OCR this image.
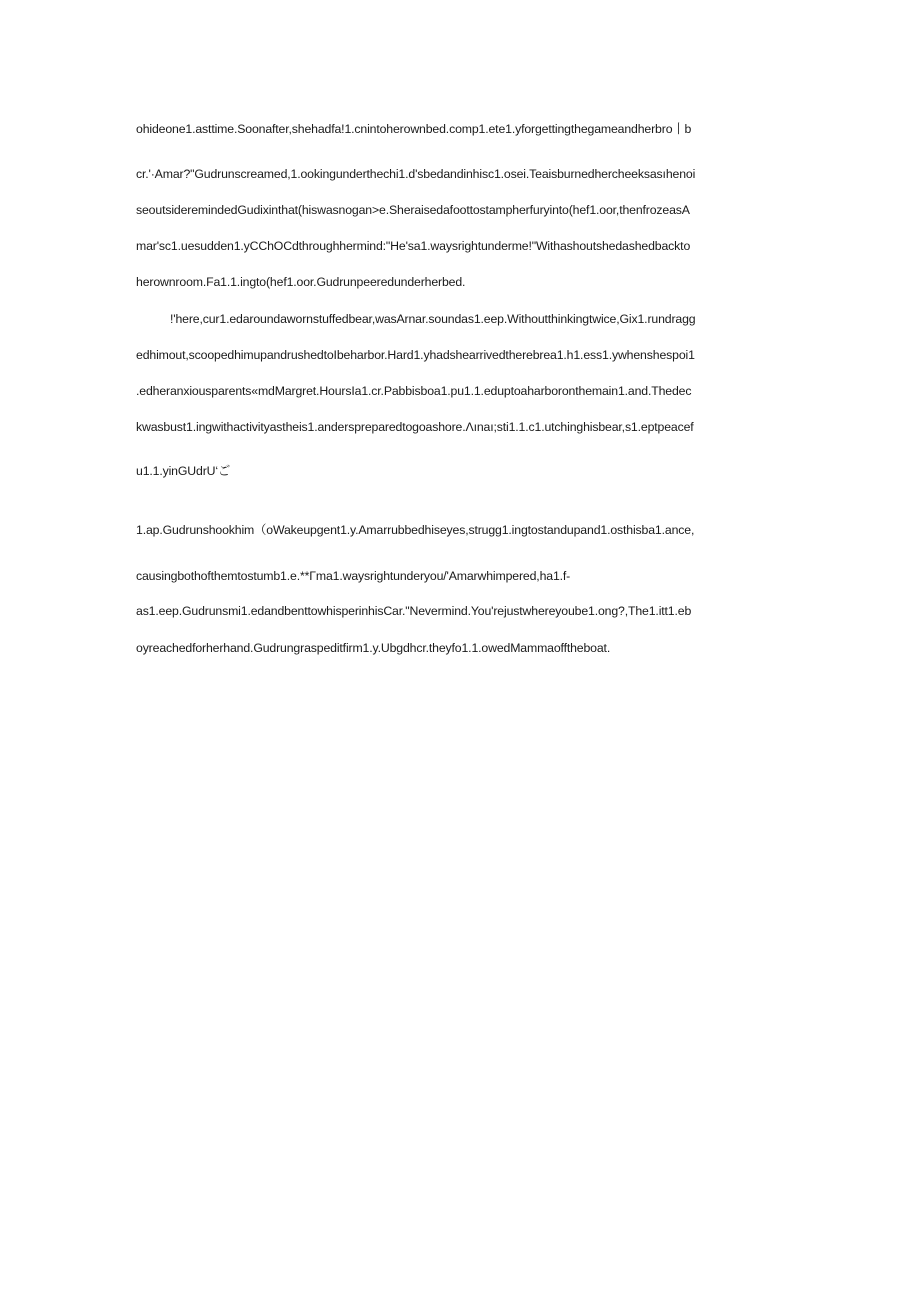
ohideone1.asttime.Soonafter,shehadfa!1.cnintoherownbed.comp1.ete1.yforgettingthegameandherbro丨b
cr.'·Amar?"Gudrunscreamed,1.ookingunderthechi1.d'sbedandinhisc1.osei.Teaisburnedhercheeksasıhenoi
seoutsideremindedGudixinthat(hiswasnogan>e.Sheraisedafoottostampherfuryinto(hef1.oor,thenfrozeasA
mar'sc1.uesudden1.yCChOCdthroughhermind:"He'sa1.waysrightunderme!"Withashoutshedashedbackto
herownroom.Fa1.1.ingto(hef1.oor.Gudrunpeeredunderherbed.
!'here,cur1.edaroundawornstuffedbear,wasArnar.soundas1.eep.Withoutthinkingtwice,Gix1.rundragg
edhimout,scoopedhimupandrushedtoIbeharbor.Hard1.yhadshearrivedtherebrea1.h1.ess1.ywhenshespoi1
.edheranxiousparents«mdMargret.HoursIa1.cr.Pabbisboa1.pu1.1.eduptoaharboronthemain1.and.Thedec
kwasbust1.ingwithactivityastheis1.anderspreparedtogoashore.Λınaı;sti1.1.c1.utchinghisbear,s1.eptpeacef
u1.1.yinGUdrU‘ご
1.ap.Gudrunshookhim（oWakeupgent1.y.Amarrubbedhiseyes,strugg1.ingtostandupand1.osthisba1.ance,
causingbothofthemtostumb1.e.**Γma1.waysrightunderyou/'Amarwhimpered,ha1.f-
as1.eep.Gudrunsmi1.edandbenttowhisperinhisCar."Nevermind.You'rejustwhereyoube1.ong?,The1.itt1.eb
oyreachedforherhand.Gudrungraspeditfirm1.y.Ubgdhcr.theyfo1.1.owedMammaofftheboat.
